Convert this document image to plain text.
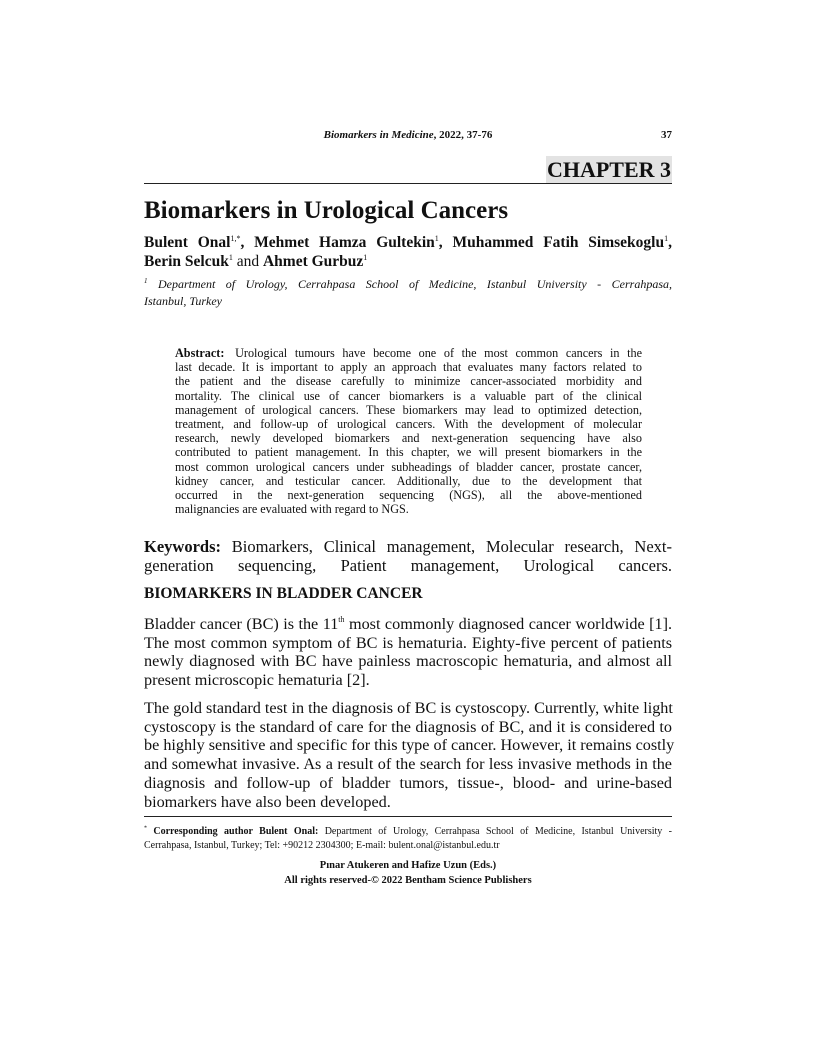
Biomarkers in Medicine, 2022, 37-76	37
CHAPTER 3
Biomarkers in Urological Cancers
Bulent Onal$^{1,*}$, Mehmet Hamza Gultekin$^1$, Muhammed Fatih Simsekoglu$^1$,
Berin Selcuk$^1$ and Ahmet Gurbuz$^1$
$^1$ Department of Urology, Cerrahpasa School of Medicine, Istanbul University - Cerrahpasa,
Istanbul, Turkey
Abstract: Urological tumours have become one of the most common cancers in the
last decade. It is important to apply an approach that evaluates many factors related to
the patient and the disease carefully to minimize cancer-associated morbidity and
mortality. The clinical use of cancer biomarkers is a valuable part of the clinical
management of urological cancers. These biomarkers may lead to optimized detection,
treatment, and follow-up of urological cancers. With the development of molecular
research, newly developed biomarkers and next-generation sequencing have also
contributed to patient management. In this chapter, we will present biomarkers in the
most common urological cancers under subheadings of bladder cancer, prostate cancer,
kidney cancer, and testicular cancer. Additionally, due to the development that
occurred in the next-generation sequencing (NGS), all the above-mentioned
malignancies are evaluated with regard to NGS.
Keywords: Biomarkers, Clinical management, Molecular research, Next-
generation sequencing, Patient management, Urological cancers.
BIOMARKERS IN BLADDER CANCER
Bladder cancer (BC) is the 11th most commonly diagnosed cancer worldwide [1].
The most common symptom of BC is hematuria. Eighty-five percent of patients
newly diagnosed with BC have painless macroscopic hematuria, and almost all
present microscopic hematuria [2].
The gold standard test in the diagnosis of BC is cystoscopy. Currently, white light
cystoscopy is the standard of care for the diagnosis of BC, and it is considered to
be highly sensitive and specific for this type of cancer. However, it remains costly
and somewhat invasive. As a result of the search for less invasive methods in the
diagnosis and follow-up of bladder tumors, tissue-, blood- and urine-based
biomarkers have also been developed.
* Corresponding author Bulent Onal: Department of Urology, Cerrahpasa School of Medicine, Istanbul University -
Cerrahpasa, Istanbul, Turkey; Tel: +90212 2304300; E-mail: bulent.onal@istanbul.edu.tr
Pınar Atukeren and Hafize Uzun (Eds.)
All rights reserved-© 2022 Bentham Science Publishers
